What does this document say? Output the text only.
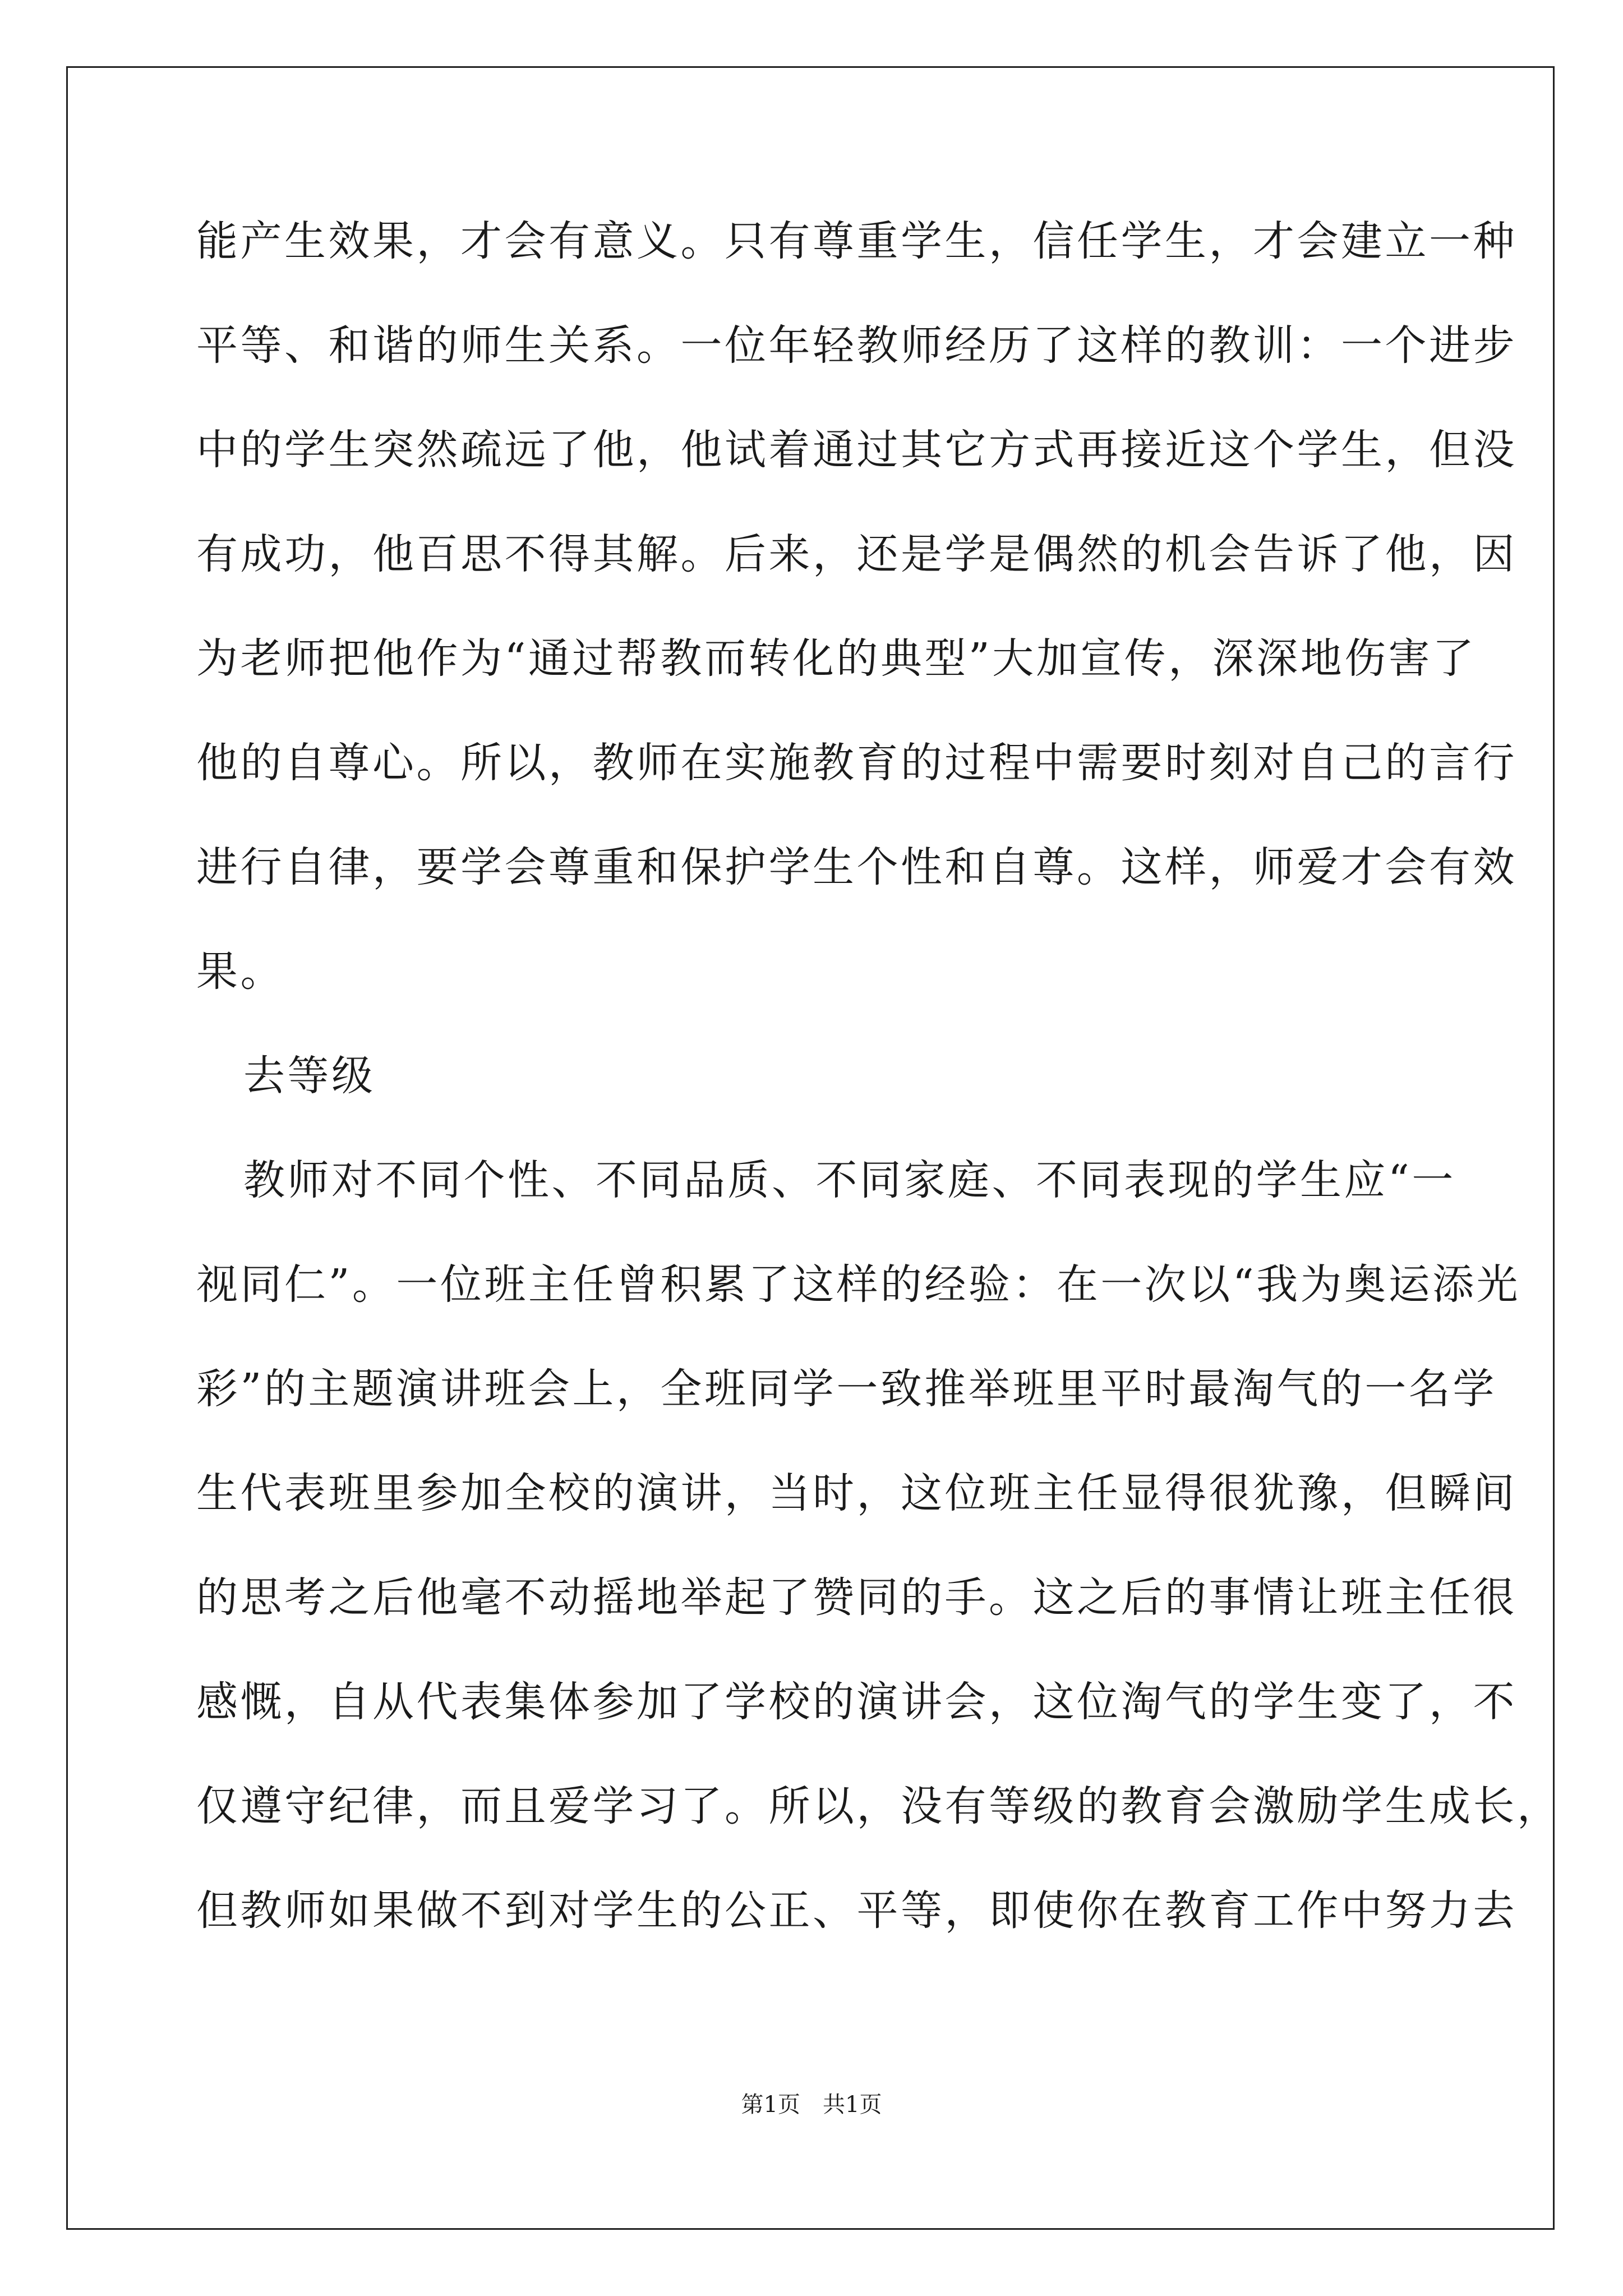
能产生效果，才会有意义。只有尊重学生，信任学生，才会建立一种
平等、和谐的师生关系。一位年轻教师经历了这样的教训：一个进步
中的学生突然疏远了他，他试着通过其它方式再接近这个学生，但没
有成功，他百思不得其解。后来，还是学是偶然的机会告诉了他，因
为老师把他作为“通过帮教而转化的典型”大加宣传，深深地伤害了
他的自尊心。所以，教师在实施教育的过程中需要时刻对自己的言行
进行自律，要学会尊重和保护学生个性和自尊。这样，师爱才会有效
果。
去等级
教师对不同个性、不同品质、不同家庭、不同表现的学生应“一
视同仁”。一位班主任曾积累了这样的经验：在一次以“我为奥运添光
彩”的主题演讲班会上，全班同学一致推举班里平时最淘气的一名学
生代表班里参加全校的演讲，当时，这位班主任显得很犹豫，但瞬间
的思考之后他毫不动摇地举起了赞同的手。这之后的事情让班主任很
感慨，自从代表集体参加了学校的演讲会，这位淘气的学生变了，不
仅遵守纪律，而且爱学习了。所以，没有等级的教育会激励学生成长，
但教师如果做不到对学生的公正、平等，即使你在教育工作中努力去
第1页 共1页
